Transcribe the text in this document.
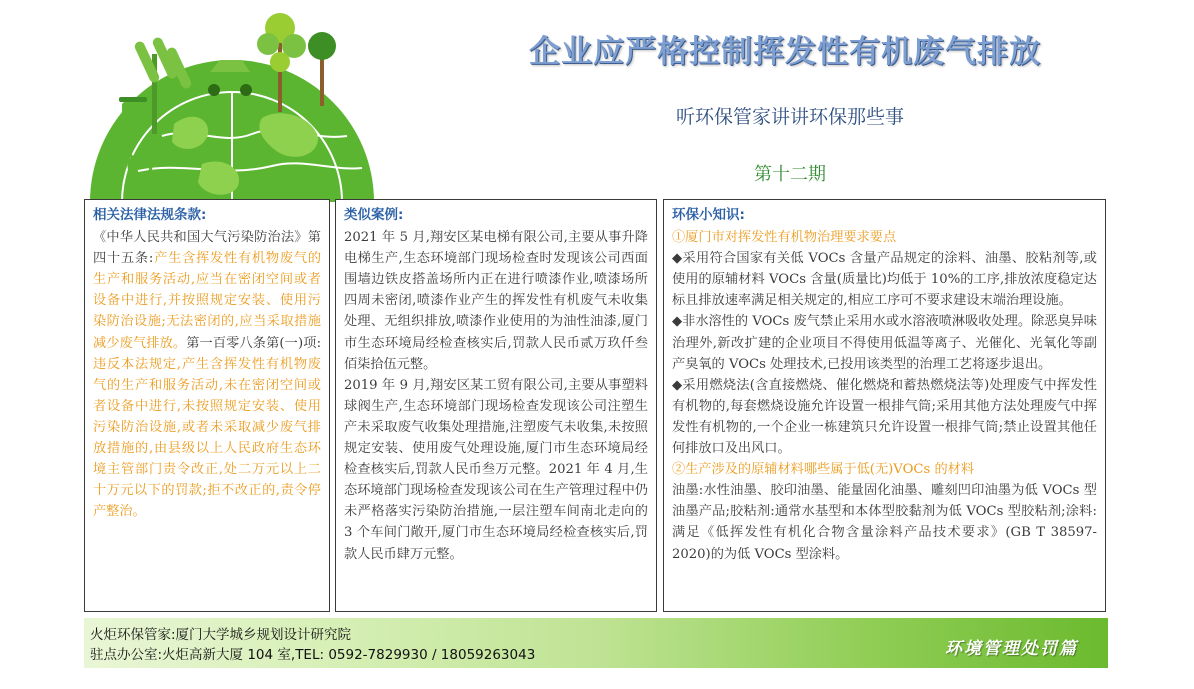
企业应严格控制挥发性有机废气排放
听环保管家讲讲环保那些事
第十二期
相关法律法规条款:

《中华人民共和国大气污染防治法》第四十五条:产生含挥发性有机物废气的生产和服务活动,应当在密闭空间或者设备中进行,并按照规定安装、使用污染防治设施;无法密闭的,应当采取措施减少废气排放。第一百零八条第(一)项:违反本法规定,产生含挥发性有机物废气的生产和服务活动,未在密闭空间或者设备中进行,未按照规定安装、使用污染防治设施,或者未采取减少废气排放措施的,由县级以上人民政府生态环境主管部门责令改正,处二万元以上二十万元以下的罚款;拒不改正的,责令停产整治。

类似案例:

2021 年 5 月,翔安区某电梯有限公司,主要从事升降电梯生产,生态环境部门现场检查时发现该公司西面围墙边铁皮搭盖场所内正在进行喷漆作业,喷漆场所四周未密闭,喷漆作业产生的挥发性有机废气未收集处理、无组织排放,喷漆作业使用的为油性油漆,厦门市生态环境局经检查核实后,罚款人民币贰万玖仟叁佰柒拾伍元整。

2019 年 9 月,翔安区某工贸有限公司,主要从事塑料球阀生产,生态环境部门现场检查发现该公司注塑生产未采取废气收集处理措施,注塑废气未收集,未按照规定安装、使用废气处理设施,厦门市生态环境局经检查核实后,罚款人民币叁万元整。2021 年 4 月,生态环境部门现场检查发现该公司在生产管理过程中仍未严格落实污染防治措施,一层注塑车间南北走向的 3 个车间门敞开,厦门市生态环境局经检查核实后,罚款人民币肆万元整。

环保小知识:

①厦门市对挥发性有机物治理要求要点

◆采用符合国家有关低 VOCs 含量产品规定的涂料、油墨、胶粘剂等,或使用的原辅材料 VOCs 含量(质量比)均低于 10%的工序,排放浓度稳定达标且排放速率满足相关规定的,相应工序可不要求建设末端治理设施。

◆非水溶性的 VOCs 废气禁止采用水或水溶液喷淋吸收处理。除恶臭异味治理外,新改扩建的企业项目不得使用低温等离子、光催化、光氧化等副产臭氧的 VOCs 处理技术,已投用该类型的治理工艺将逐步退出。

◆采用燃烧法(含直接燃烧、催化燃烧和蓄热燃烧法等)处理废气中挥发性有机物的,每套燃烧设施允许设置一根排气筒;采用其他方法处理废气中挥发性有机物的,一个企业一栋建筑只允许设置一根排气筒;禁止设置其他任何排放口及出风口。

②生产涉及的原辅材料哪些属于低(无)VOCs 的材料

油墨:水性油墨、胶印油墨、能量固化油墨、雕刻凹印油墨为低 VOCs 型油墨产品;胶粘剂:通常水基型和本体型胶黏剂为低 VOCs 型胶粘剂;涂料:满足《低挥发性有机化合物含量涂料产品技术要求》(GB T 38597-2020)的为低 VOCs 型涂料。

火炬环保管家:厦门大学城乡规划设计研究院
驻点办公室:火炬高新大厦 104 室,TEL: 0592-7829930 / 18059263043	环境管理处罚篇
